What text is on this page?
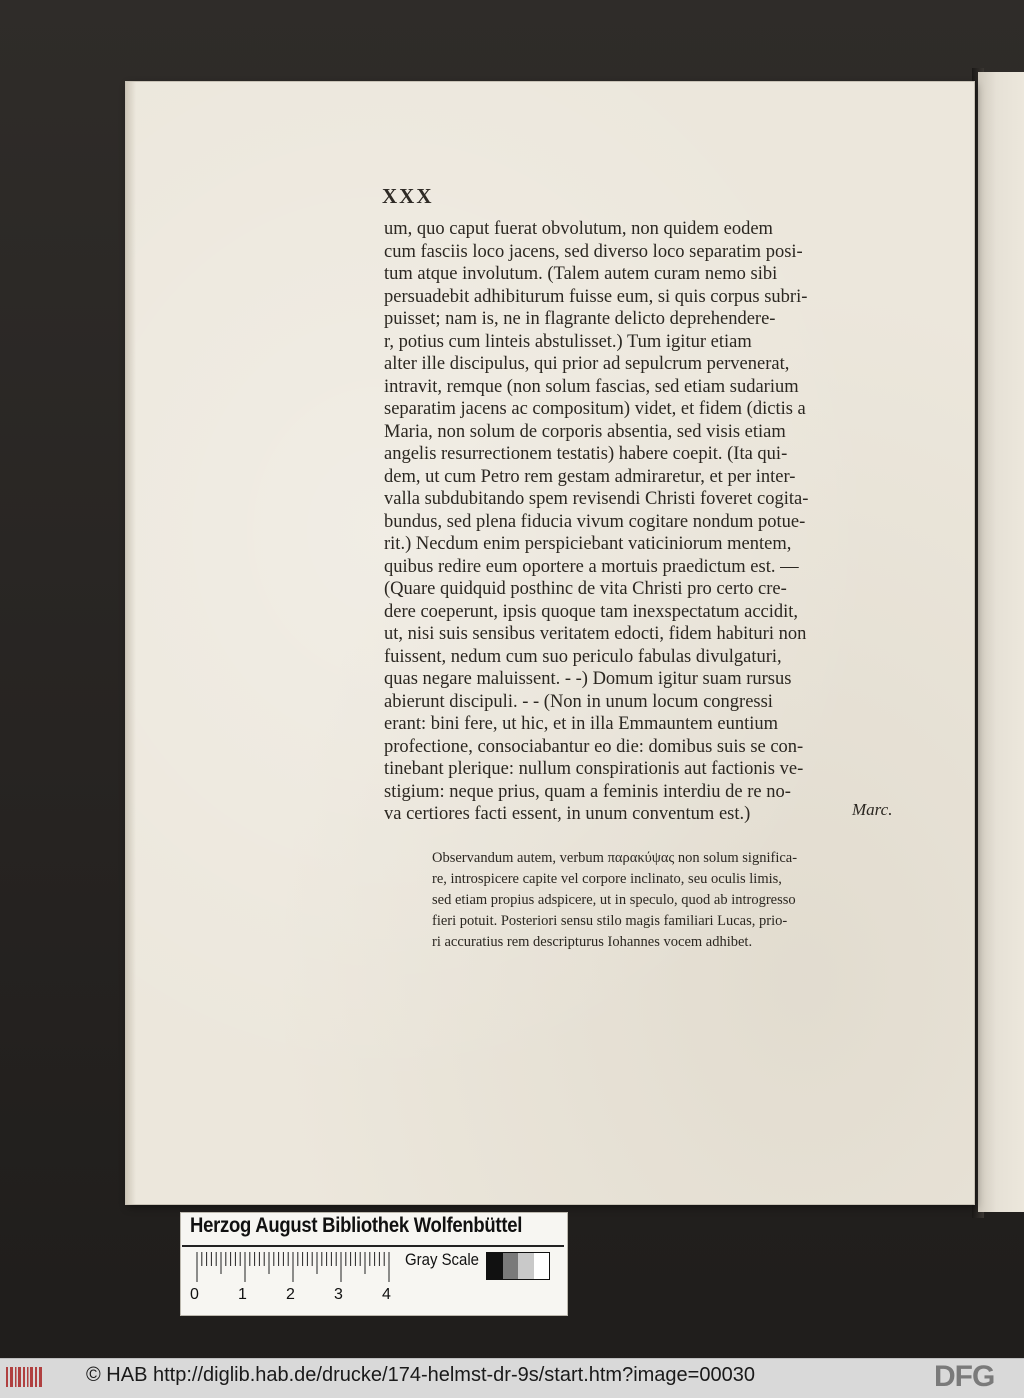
XXX
um, quo caput fuerat obvolutum, non quidem eodem
cum fasciis loco jacens, sed diverso loco separatim posi-
tum atque involutum. (Talem autem curam nemo sibi
persuadebit adhibiturum fuisse eum, si quis corpus subri-
puisset; nam is, ne in flagrante delicto deprehendere-
r, potius cum linteis abstulisset.) Tum igitur etiam
alter ille discipulus, qui prior ad sepulcrum pervenerat,
intravit, remque (non solum fascias, sed etiam sudarium
separatim jacens ac compositum) videt, et fidem (dictis a
Maria, non solum de corporis absentia, sed visis etiam
angelis resurrectionem testatis) habere coepit. (Ita qui-
dem, ut cum Petro rem gestam admiraretur, et per inter-
valla subdubitando spem revisendi Christi foveret cogita-
bundus, sed plena fiducia vivum cogitare nondum potue-
rit.) Necdum enim perspiciebant vaticiniorum mentem,
quibus redire eum oportere a mortuis praedictum est. —
(Quare quidquid posthinc de vita Christi pro certo cre-
dere coeperunt, ipsis quoque tam inexspectatum accidit,
ut, nisi suis sensibus veritatem edocti, fidem habituri non
fuissent, nedum cum suo periculo fabulas divulgaturi,
quas negare maluissent. - -) Domum igitur suam rursus
abierunt discipuli. - - (Non in unum locum congressi
erant: bini fere, ut hic, et in illa Emmauntem euntium
profectione, consociabantur eo die: domibus suis se con-
tinebant plerique: nullum conspirationis aut factionis ve-
stigium: neque prius, quam a feminis interdiu de re no-
va certiores facti essent, in unum conventum est.)	Marc.
Observandum autem, verbum παρακύψας non solum significa-
re, introspicere capite vel corpore inclinato, seu oculis limis,
sed etiam propius adspicere, ut in speculo, quod ab introgresso
fieri potuit. Posteriori sensu stilo magis familiari Lucas, prio-
ri accuratius rem descripturus Iohannes vocem adhibet.
Herzog August Bibliothek Wolfenbüttel
0 1 2 3 4
Gray Scale
© HAB http://diglib.hab.de/drucke/174-helmst-dr-9s/start.htm?image=00030	DFG
